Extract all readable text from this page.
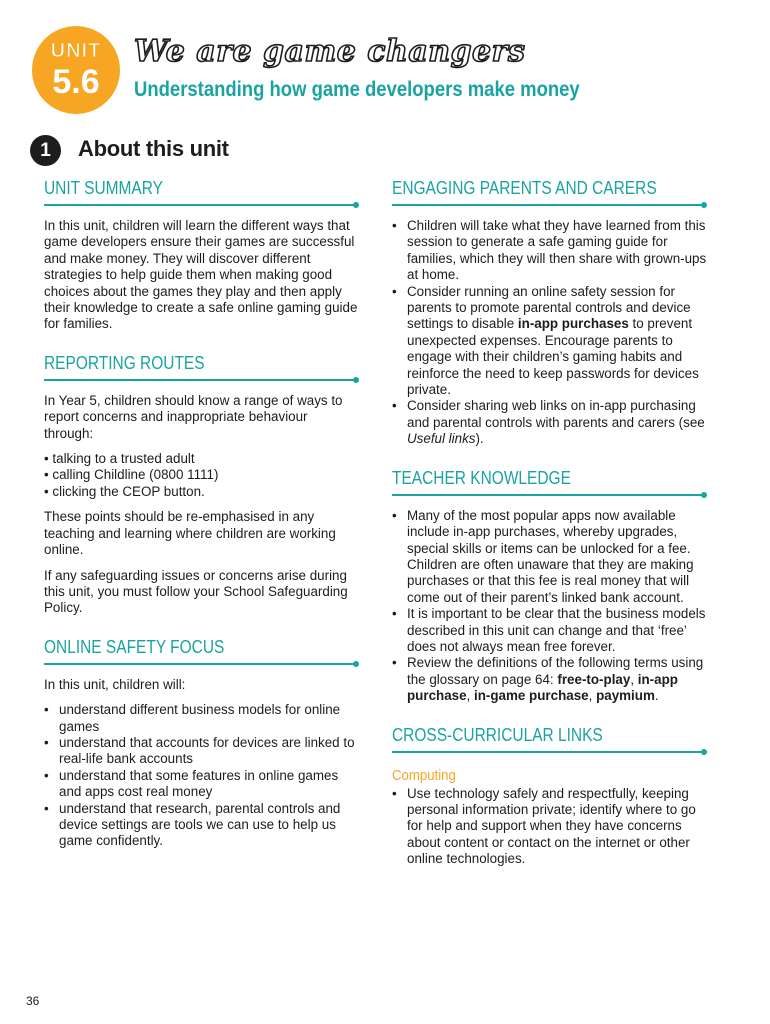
UNIT
5.6
We are game changers
Understanding how game developers make money
1	About this unit
UNIT SUMMARY

In this unit, children will learn the different ways that game developers ensure their games are successful and make money. They will discover different strategies to help guide them when making good choices about the games they play and then apply their knowledge to create a safe online gaming guide for families.

REPORTING ROUTES

In Year 5, children should know a range of ways to report concerns and inappropriate behaviour through:

• talking to a trusted adult
• calling Childline (0800 1111)
• clicking the CEOP button.

These points should be re-emphasised in any teaching and learning where children are working online.

If any safeguarding issues or concerns arise during this unit, you must follow your School Safeguarding Policy.

ONLINE SAFETY FOCUS

In this unit, children will:

• understand different business models for online games
• understand that accounts for devices are linked to real-life bank accounts
• understand that some features in online games and apps cost real money
• understand that research, parental controls and device settings are tools we can use to help us game confidently.
ENGAGING PARENTS AND CARERS
• Children will take what they have learned from this session to generate a safe gaming guide for families, which they will then share with grown-ups at home.
• Consider running an online safety session for parents to promote parental controls and device settings to disable in-app purchases to prevent unexpected expenses. Encourage parents to engage with their children’s gaming habits and reinforce the need to keep passwords for devices private.
• Consider sharing web links on in-app purchasing and parental controls with parents and carers (see Useful links).
TEACHER KNOWLEDGE
• Many of the most popular apps now available include in-app purchases, whereby upgrades, special skills or items can be unlocked for a fee. Children are often unaware that they are making purchases or that this fee is real money that will come out of their parent’s linked bank account.
• It is important to be clear that the business models described in this unit can change and that ‘free’ does not always mean free forever.
• Review the definitions of the following terms using the glossary on page 64: free-to-play, in-app purchase, in-game purchase, paymium.
CROSS-CURRICULAR LINKS
Computing
• Use technology safely and respectfully, keeping personal information private; identify where to go for help and support when they have concerns about content or contact on the internet or other online technologies.
36
